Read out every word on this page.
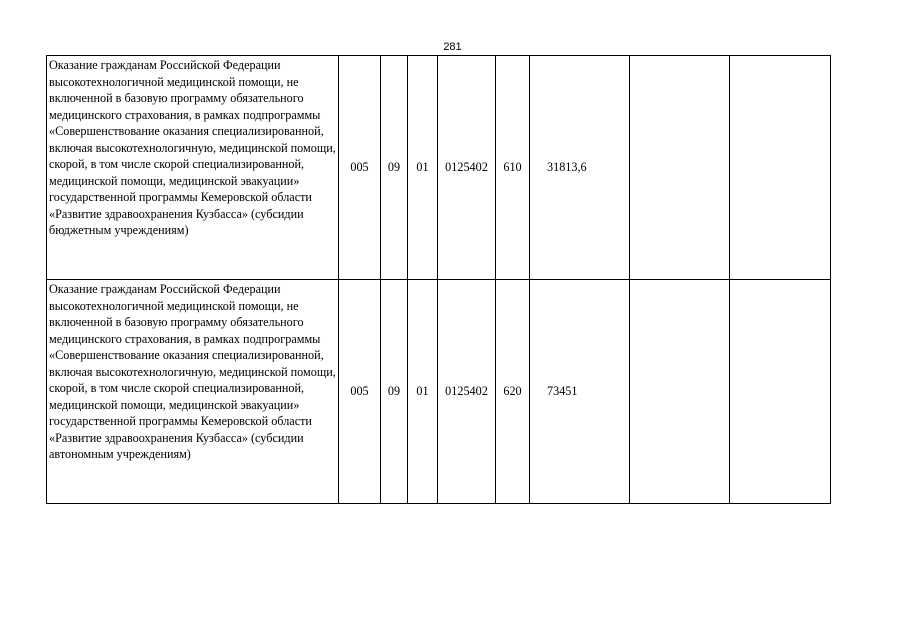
281
Оказание гражданам Российской Федерации высокотехнологичной медицинской помощи, не включенной в базовую программу обязательного медицинского страхования, в рамках подпрограммы «Совершенствование оказания специализированной, включая высокотехнологичную, медицинской помощи, скорой, в том числе скорой специализированной, медицинской помощи, медицинской эвакуации» государственной программы Кемеровской области «Развитие здравоохранения Кузбасса» (субсидии бюджетным учреждениям)	005	09	01	0125402	610	31813,6		
Оказание гражданам Российской Федерации высокотехнологичной медицинской помощи, не включенной в базовую программу обязательного медицинского страхования, в рамках подпрограммы «Совершенствование оказания специализированной, включая высокотехнологичную, медицинской помощи, скорой, в том числе скорой специализированной, медицинской помощи, медицинской эвакуации» государственной программы Кемеровской области «Развитие здравоохранения Кузбасса» (субсидии автономным учреждениям)	005	09	01	0125402	620	73451		
